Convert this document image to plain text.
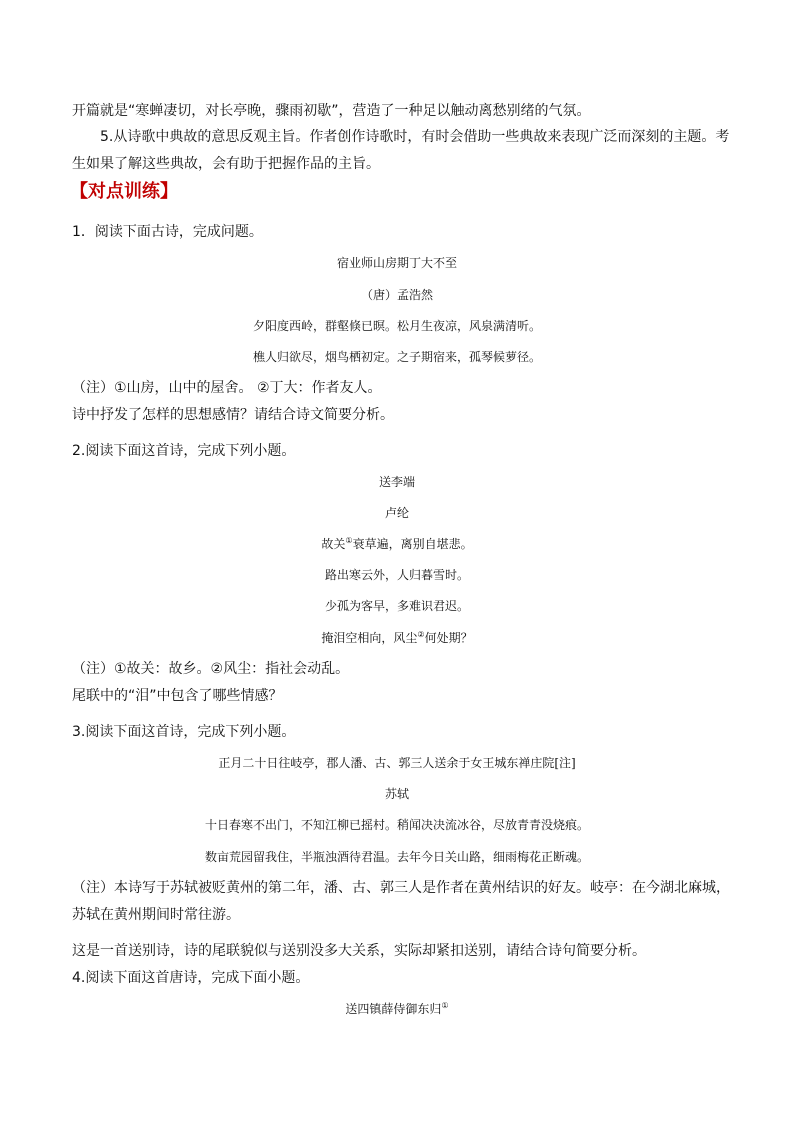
开篇就是“寒蝉凄切，对长亭晚，骤雨初歇”，营造了一种足以触动离愁别绪的气氛。
5.从诗歌中典故的意思反观主旨。作者创作诗歌时，有时会借助一些典故来表现广泛而深刻的主题。考
生如果了解这些典故，会有助于把握作品的主旨。
【对点训练】
1．阅读下面古诗，完成问题。
宿业师山房期丁大不至
（唐）孟浩然
夕阳度西岭，群壑倏已暝。松月生夜凉，风泉满清听。
樵人归欲尽，烟鸟栖初定。之子期宿来，孤琴候萝径。
（注）①山房，山中的屋舍。 ②丁大：作者友人。
诗中抒发了怎样的思想感情？请结合诗文简要分析。
2.阅读下面这首诗，完成下列小题。
送李端
卢纶
故关①衰草遍，离别自堪悲。
路出寒云外，人归暮雪时。
少孤为客早，多难识君迟。
掩泪空相向，风尘②何处期？
（注）①故关：故乡。②风尘：指社会动乱。
尾联中的“泪”中包含了哪些情感？
3.阅读下面这首诗，完成下列小题。
正月二十日往岐亭，郡人潘、古、郭三人送余于女王城东禅庄院[注]
苏轼
十日春寒不出门，不知江柳已摇村。稍闻决决流冰谷，尽放青青没烧痕。
数亩荒园留我住，半瓶浊酒待君温。去年今日关山路，细雨梅花正断魂。
（注）本诗写于苏轼被贬黄州的第二年，潘、古、郭三人是作者在黄州结识的好友。岐亭：在今湖北麻城，
苏轼在黄州期间时常往游。
这是一首送别诗，诗的尾联貌似与送别没多大关系，实际却紧扣送别，请结合诗句简要分析。
4.阅读下面这首唐诗，完成下面小题。
送四镇薛侍御东归①
